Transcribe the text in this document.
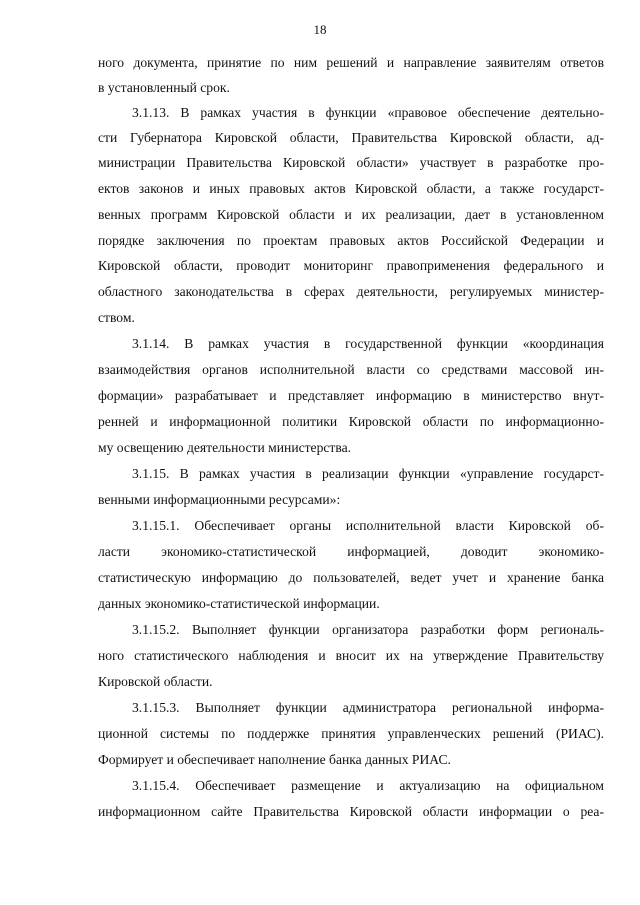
18

ного документа, принятие по ним решений и направление заявителям ответов

в установленный срок.

3.1.13. В рамках участия в функции «правовое обеспечение деятельно-

сти Губернатора Кировской области, Правительства Кировской области, ад-

министрации Правительства Кировской области» участвует в разработке про-

ектов законов и иных правовых актов Кировской области, а также государст-

венных программ Кировской области и их реализации, дает в установленном

порядке заключения по проектам правовых актов Российской Федерации и

Кировской области, проводит мониторинг правоприменения федерального и

областного законодательства в сферах деятельности, регулируемых министер-

ством.

3.1.14. В рамках участия в государственной функции «координация

взаимодействия органов исполнительной власти со средствами массовой ин-

формации» разрабатывает и представляет информацию в министерство внут-

ренней и информационной политики Кировской области по информационно-

му освещению деятельности министерства.

3.1.15. В рамках участия в реализации функции «управление государст-

венными информационными ресурсами»:

3.1.15.1. Обеспечивает органы исполнительной власти Кировской об-

ласти экономико-статистической информацией, доводит экономико-

статистическую информацию до пользователей, ведет учет и хранение банка

данных экономико-статистической информации.

3.1.15.2. Выполняет функции организатора разработки форм региональ-

ного статистического наблюдения и вносит их на утверждение Правительству

Кировской области.

3.1.15.3. Выполняет функции администратора региональной информа-

ционной системы по поддержке принятия управленческих решений (РИАС).

Формирует и обеспечивает наполнение банка данных РИАС.

3.1.15.4. Обеспечивает размещение и актуализацию на официальном

информационном сайте Правительства Кировской области информации о реа-
